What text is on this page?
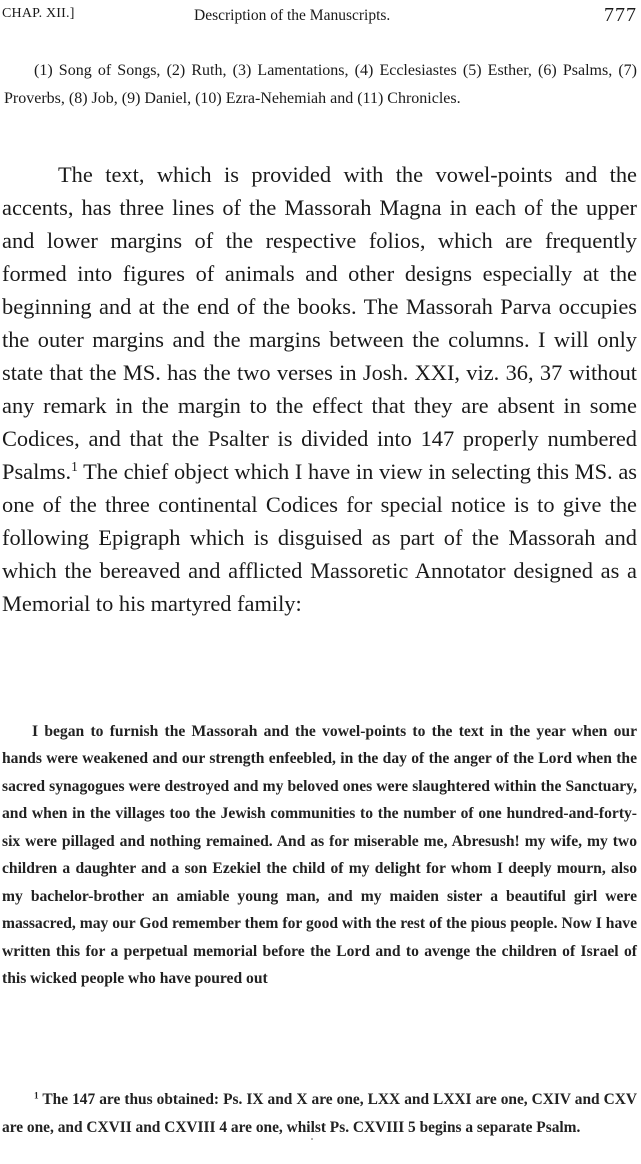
CHAP. XII.]	Description of the Manuscripts.	777

(1) Song of Songs, (2) Ruth, (3) Lamentations, (4) Ecclesiastes (5) Esther, (6) Psalms, (7) Proverbs, (8) Job, (9) Daniel, (10) Ezra-Nehemiah and (11) Chronicles.

The text, which is provided with the vowel-points and the accents, has three lines of the Massorah Magna in each of the upper and lower margins of the respective folios, which are frequently formed into figures of animals and other designs especially at the beginning and at the end of the books. The Massorah Parva occupies the outer margins and the margins between the columns. I will only state that the MS. has the two verses in Josh. XXI, viz. 36, 37 without any remark in the margin to the effect that they are absent in some Codices, and that the Psalter is divided into 147 properly numbered Psalms.$^1$ The chief object which I have in view in selecting this MS. as one of the three continental Codices for special notice is to give the following Epigraph which is disguised as part of the Massorah and which the bereaved and afflicted Massoretic Annotator designed as a Memorial to his martyred family:

I began to furnish the Massorah and the vowel-points to the text in the year when our hands were weakened and our strength enfeebled, in the day of the anger of the Lord when the sacred synagogues were destroyed and my beloved ones were slaughtered within the Sanctuary, and when in the villages too the Jewish communities to the number of one hundred-and-forty-six were pillaged and nothing remained. And as for miserable me, Abresush! my wife, my two children a daughter and a son Ezekiel the child of my delight for whom I deeply mourn, also my bachelor-brother an amiable young man, and my maiden sister a beautiful girl were massacred, may our God remember them for good with the rest of the pious people. Now I have written this for a perpetual memorial before the Lord and to avenge the children of Israel of this wicked people who have poured out

$^1$ The 147 are thus obtained: Ps. IX and X are one, LXX and LXXI are one, CXIV and CXV are one, and CXVII and CXVIII 4 are one, whilst Ps. CXVIII 5 begins a separate Psalm.
